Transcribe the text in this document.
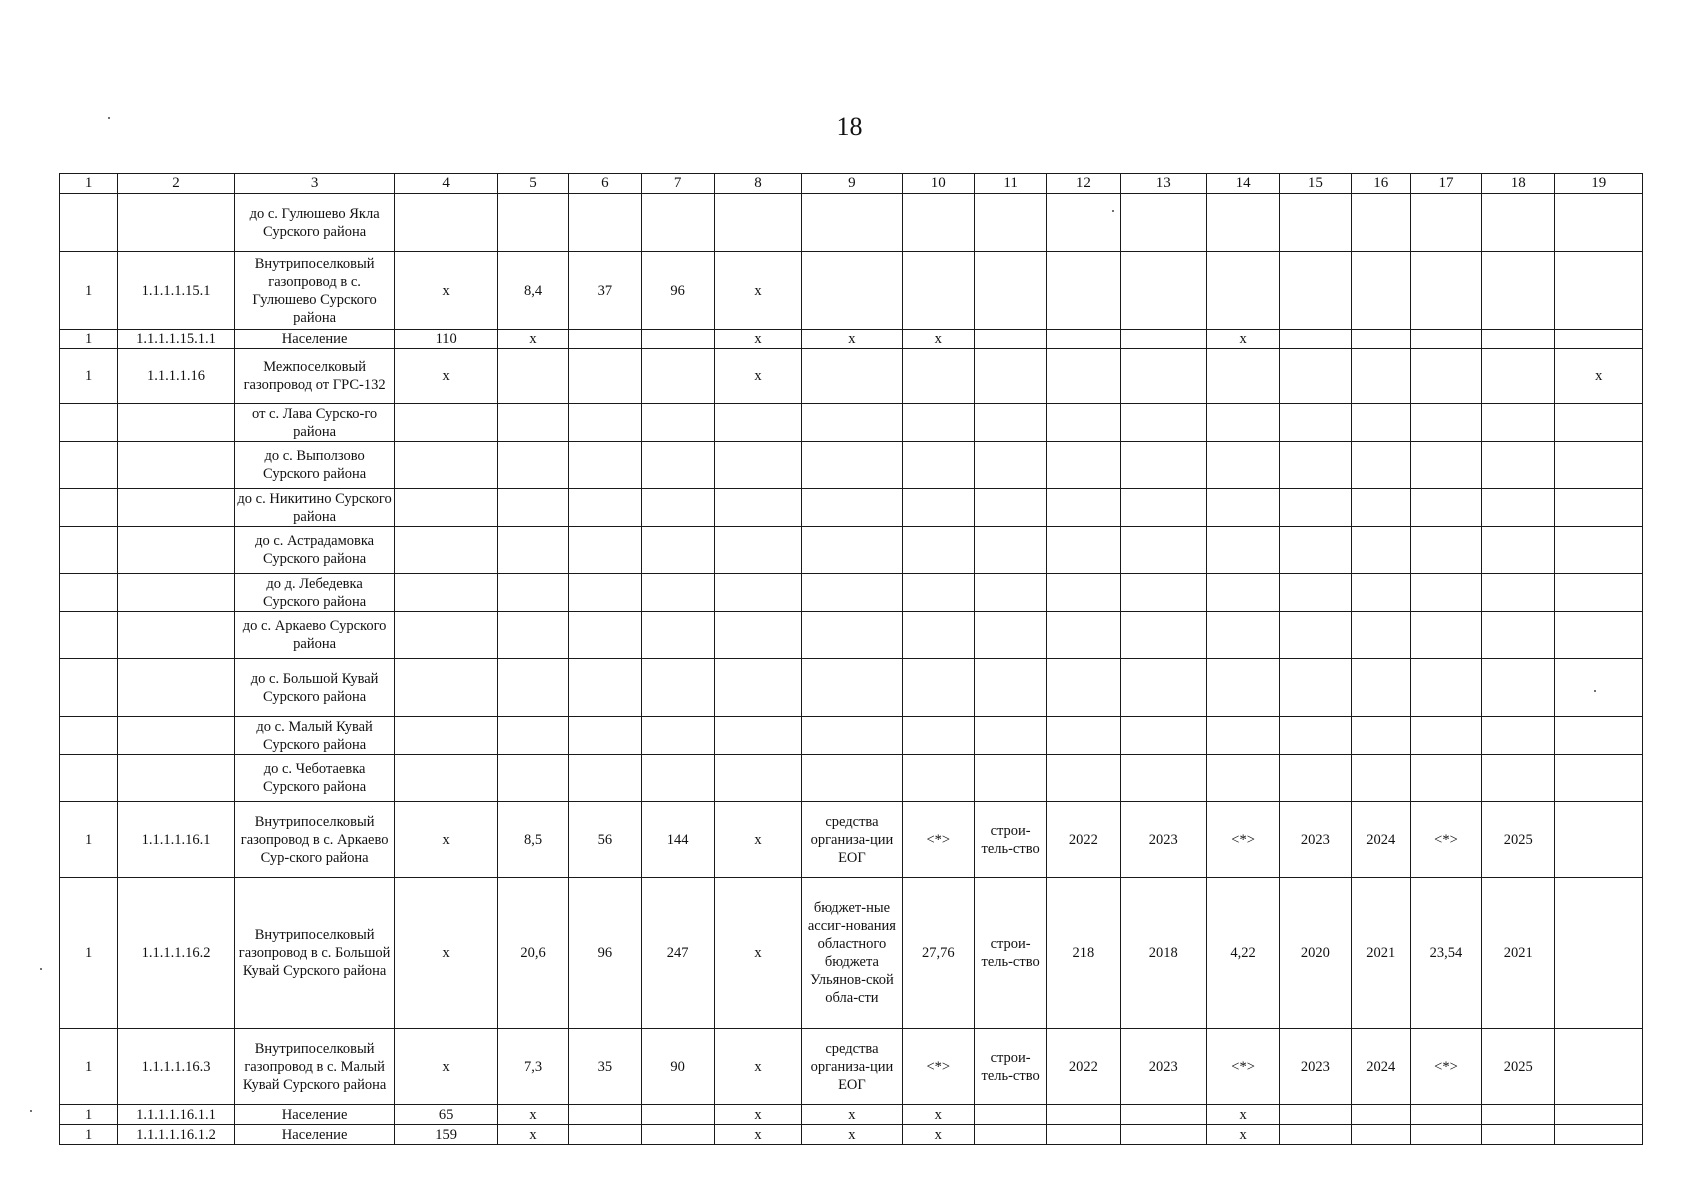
18
1	2	3	4	5	6	7	8	9	10	11	12	13	14	15	16	17	18	19
		до с. Гулюшево Якла Сурского района																
1	1.1.1.1.15.1	Внутрипоселковый газопровод в с. Гулюшево Сурского района	х	8,4	37	96	х											
1	1.1.1.1.15.1.1	Население	110	х			х	х	х				х					
1	1.1.1.1.16	Межпоселковый газопровод от ГРС-132	х				х											х
		от с. Лава Сурско-го района																
		до с. Выползово Сурского района																
		до с. Никитино Сурского района																
		до с. Астрадамовка Сурского района																
		до д. Лебедевка Сурского района																
		до с. Аркаево Сурского района																
		до с. Большой Кувай Сурского района																
		до с. Малый Кувай Сурского района																
		до с. Чеботаевка Сурского района																
1	1.1.1.1.16.1	Внутрипоселковый газопровод в с. Аркаево Сур-ского района	х	8,5	56	144	х	средства организа-ции ЕОГ	<*>	строи-тель-ство	2022	2023	<*>	2023	2024	<*>	2025	
1	1.1.1.1.16.2	Внутрипоселковый газопровод в с. Большой Кувай Сурского района	х	20,6	96	247	х	бюджет-ные ассиг-нования областного бюджета Ульянов-ской обла-сти	27,76	строи-тель-ство	218	2018	4,22	2020	2021	23,54	2021	
1	1.1.1.1.16.3	Внутрипоселковый газопровод в с. Малый Кувай Сурского района	х	7,3	35	90	х	средства организа-ции ЕОГ	<*>	строи-тель-ство	2022	2023	<*>	2023	2024	<*>	2025	
1	1.1.1.1.16.1.1	Население	65	х			х	х	х				х					
1	1.1.1.1.16.1.2	Население	159	х			х	х	х				х					
